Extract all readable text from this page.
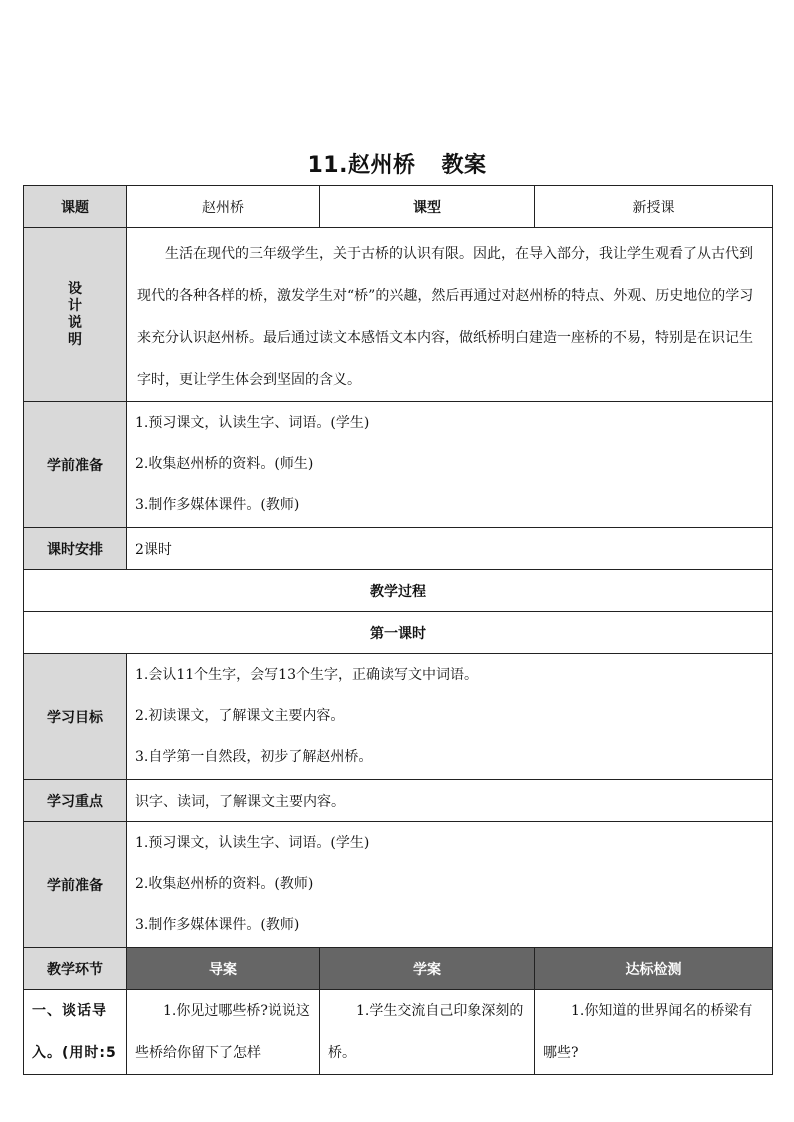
11.赵州桥 教案
课题	赵州桥	课型	新授课
设计说明	生活在现代的三年级学生，关于古桥的认识有限。因此，在导入部分，我让学生观看了从古代到现代的各种各样的桥，激发学生对“桥”的兴趣，然后再通过对赵州桥的特点、外观、历史地位的学习来充分认识赵州桥。最后通过读文本感悟文本内容，做纸桥明白建造一座桥的不易，特别是在识记生字时，更让学生体会到坚固的含义。		

学前准备	1.预习课文，认读生字、词语。(学生)
2.收集赵州桥的资料。(师生)
3.制作多媒体课件。(教师)		

课时安排	2课时		
教学过程			
第一课时			
学习目标	1.会认11个生字，会写13个生字，正确读写文中词语。
2.初读课文，了解课文主要内容。
3.自学第一自然段，初步了解赵州桥。		

学习重点	识字、读词，了解课文主要内容。		
学前准备	1.预习课文，认读生字、词语。(学生)
2.收集赵州桥的资料。(教师)
3.制作多媒体课件。(教师)		

教学环节	导案	学案	达标检测

一、谈话导入。(用时:5	1.你见过哪些桥?说说这些桥给你留下了怎样	1.学生交流自己印象深刻的桥。	1.你知道的世界闻名的桥梁有哪些?
